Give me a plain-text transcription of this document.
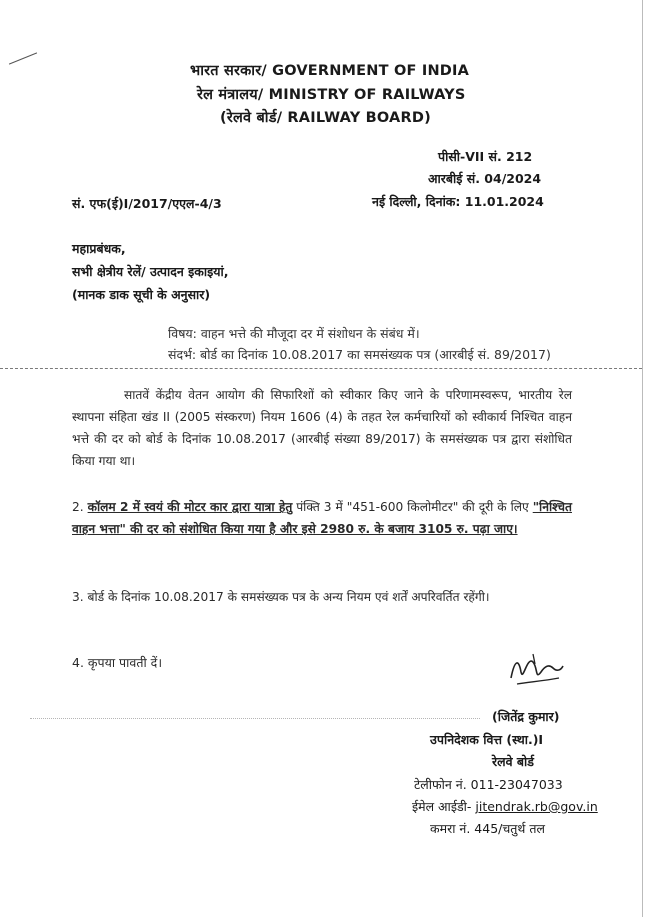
भारत सरकार/ GOVERNMENT OF INDIA
रेल मंत्रालय/ MINISTRY OF RAILWAYS
(रेलवे बोर्ड/ RAILWAY BOARD)
पीसी-VII सं. 212
आरबीई सं. 04/2024
सं. एफ(ई)I/2017/एएल-4/3	नई दिल्ली, दिनांक: 11.01.2024
महाप्रबंधक,
सभी क्षेत्रीय रेलें/ उत्पादन इकाइयां,
(मानक डाक सूची के अनुसार)
विषय: वाहन भत्ते की मौजूदा दर में संशोधन के संबंध में।
संदर्भ: बोर्ड का दिनांक 10.08.2017 का समसंख्यक पत्र (आरबीई सं. 89/2017)
सातवें केंद्रीय वेतन आयोग की सिफारिशों को स्वीकार किए जाने के परिणामस्वरूप, भारतीय रेल स्थापना संहिता खंड II (2005 संस्करण) नियम 1606 (4) के तहत रेल कर्मचारियों को स्वीकार्य निश्चित वाहन भत्ते की दर को बोर्ड के दिनांक 10.08.2017 (आरबीई संख्या 89/2017) के समसंख्यक पत्र द्वारा संशोधित किया गया था।
2. कॉलम 2 में स्वयं की मोटर कार द्वारा यात्रा हेतु पंक्ति 3 में "451-600 किलोमीटर" की दूरी के लिए "निश्चित वाहन भत्ता" की दर को संशोधित किया गया है और इसे 2980 रु. के बजाय 3105 रु. पढ़ा जाए।
3. बोर्ड के दिनांक 10.08.2017 के समसंख्यक पत्र के अन्य नियम एवं शर्तें अपरिवर्तित रहेंगी।
4. कृपया पावती दें।
(जितेंद्र कुमार)
उपनिदेशक वित्त (स्था.)I
रेलवे बोर्ड
टेलीफोन नं. 011-23047033
ईमेल आईडी- jitendrak.rb@gov.in
कमरा नं. 445/चतुर्थ तल
